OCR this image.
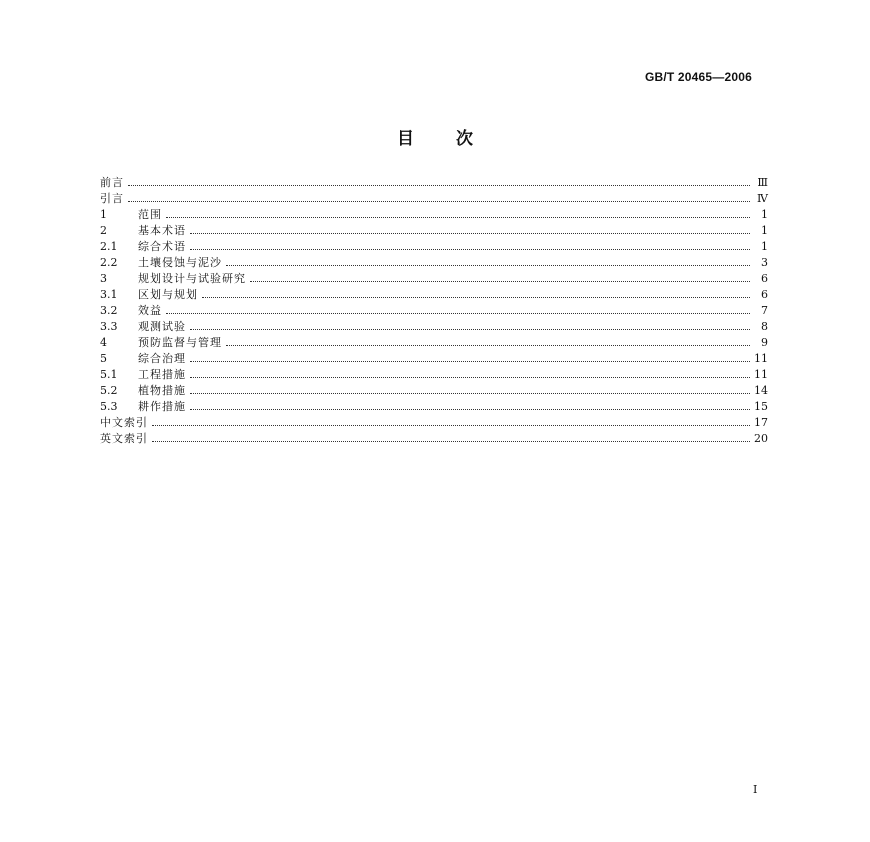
GB/T 20465—2006
目次
前言	Ⅲ
引言	Ⅳ
1	范围	1
2	基本术语	1
2.1	综合术语	1
2.2	土壤侵蚀与泥沙	3
3	规划设计与试验研究	6
3.1	区划与规划	6
3.2	效益	7
3.3	观测试验	8
4	预防监督与管理	9
5	综合治理	11
5.1	工程措施	11
5.2	植物措施	14
5.3	耕作措施	15
中文索引	17
英文索引	20
I
